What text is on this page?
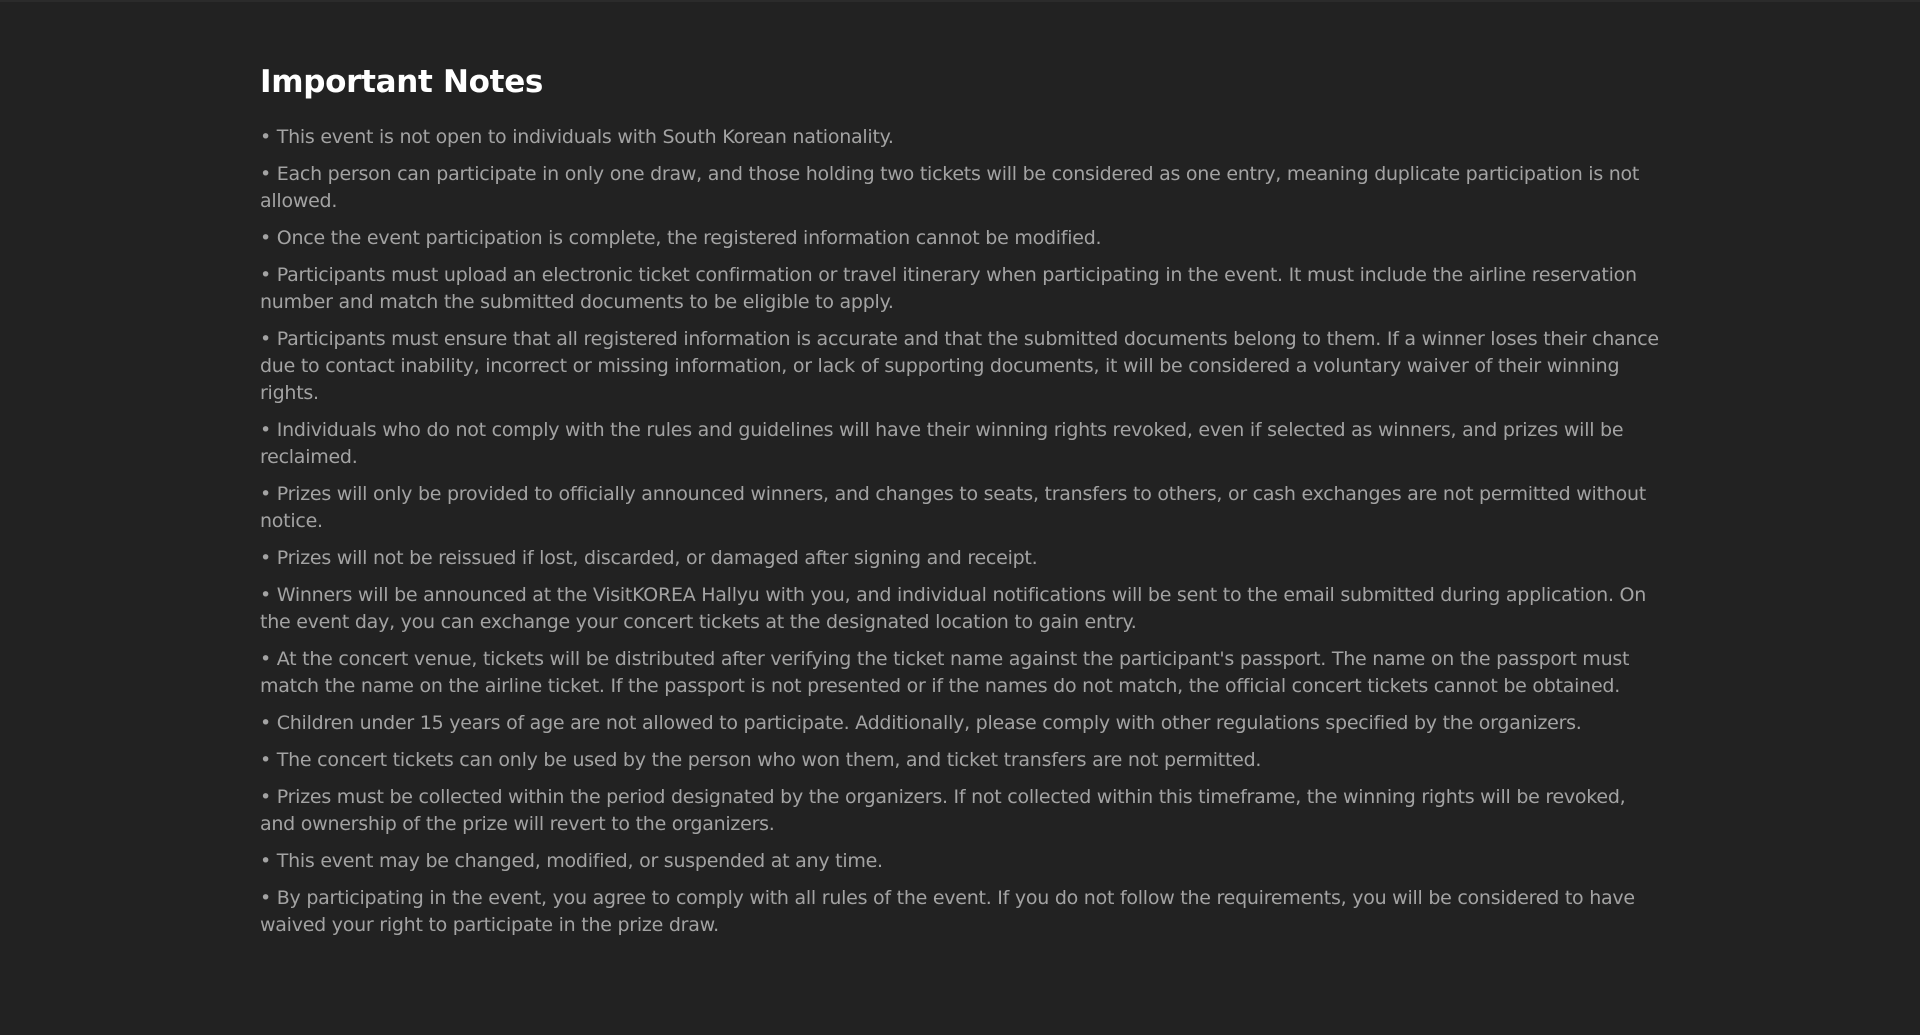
Important Notes
• This event is not open to individuals with South Korean nationality.
• Each person can participate in only one draw, and those holding two tickets will be considered as one entry, meaning duplicate participation is not allowed.
• Once the event participation is complete, the registered information cannot be modified.
• Participants must upload an electronic ticket confirmation or travel itinerary when participating in the event. It must include the airline reservation number and match the submitted documents to be eligible to apply.
• Participants must ensure that all registered information is accurate and that the submitted documents belong to them. If a winner loses their chance due to contact inability, incorrect or missing information, or lack of supporting documents, it will be considered a voluntary waiver of their winning rights.
• Individuals who do not comply with the rules and guidelines will have their winning rights revoked, even if selected as winners, and prizes will be reclaimed.
• Prizes will only be provided to officially announced winners, and changes to seats, transfers to others, or cash exchanges are not permitted without notice.
• Prizes will not be reissued if lost, discarded, or damaged after signing and receipt.
• Winners will be announced at the VisitKOREA Hallyu with you, and individual notifications will be sent to the email submitted during application. On the event day, you can exchange your concert tickets at the designated location to gain entry.
• At the concert venue, tickets will be distributed after verifying the ticket name against the participant's passport. The name on the passport must match the name on the airline ticket. If the passport is not presented or if the names do not match, the official concert tickets cannot be obtained.
• Children under 15 years of age are not allowed to participate. Additionally, please comply with other regulations specified by the organizers.
• The concert tickets can only be used by the person who won them, and ticket transfers are not permitted.
• Prizes must be collected within the period designated by the organizers. If not collected within this timeframe, the winning rights will be revoked, and ownership of the prize will revert to the organizers.
• This event may be changed, modified, or suspended at any time.
• By participating in the event, you agree to comply with all rules of the event. If you do not follow the requirements, you will be considered to have waived your right to participate in the prize draw.
